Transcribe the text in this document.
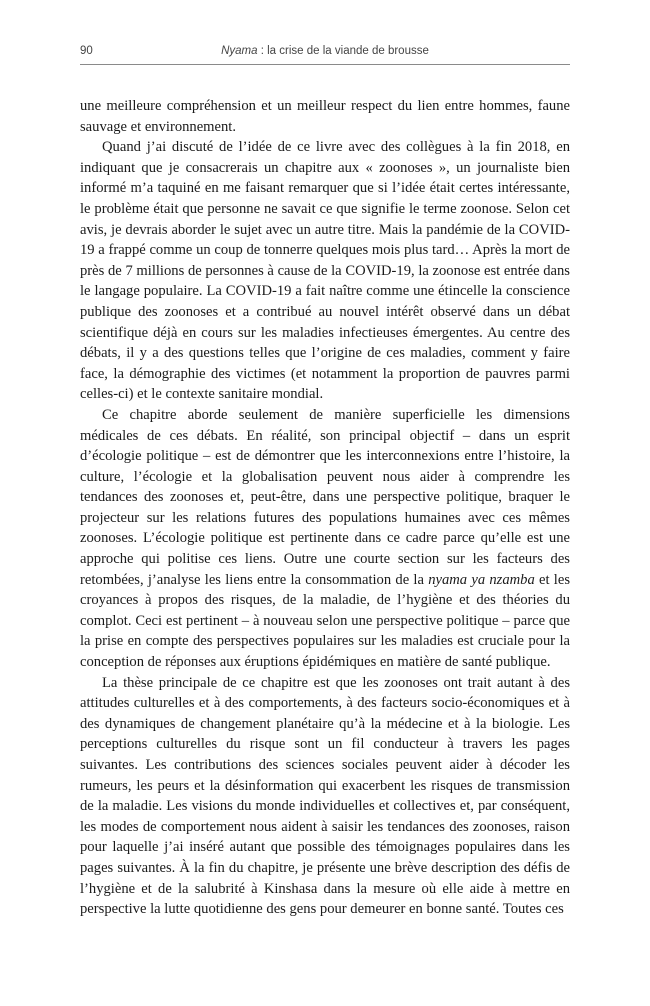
90	Nyama : la crise de la viande de brousse

une meilleure compréhension et un meilleur respect du lien entre hommes, faune sauvage et environnement.

Quand j’ai discuté de l’idée de ce livre avec des collègues à la fin 2018, en indiquant que je consacrerais un chapitre aux « zoonoses », un journaliste bien informé m’a taquiné en me faisant remarquer que si l’idée était certes intéressante, le problème était que personne ne savait ce que signifie le terme zoonose. Selon cet avis, je devrais aborder le sujet avec un autre titre. Mais la pandémie de la COVID-19 a frappé comme un coup de tonnerre quelques mois plus tard… Après la mort de près de 7 millions de personnes à cause de la COVID-19, la zoonose est entrée dans le langage populaire. La COVID-19 a fait naître comme une étincelle la conscience publique des zoonoses et a contribué au nouvel intérêt observé dans un débat scientifique déjà en cours sur les maladies infectieuses émergentes. Au centre des débats, il y a des questions telles que l’origine de ces maladies, comment y faire face, la démographie des victimes (et notamment la proportion de pauvres parmi celles-ci) et le contexte sanitaire mondial.

Ce chapitre aborde seulement de manière superficielle les dimensions médicales de ces débats. En réalité, son principal objectif – dans un esprit d’écologie politique – est de démontrer que les interconnexions entre l’histoire, la culture, l’écologie et la globalisation peuvent nous aider à comprendre les tendances des zoonoses et, peut-être, dans une perspective politique, braquer le projecteur sur les relations futures des populations humaines avec ces mêmes zoonoses. L’écologie politique est pertinente dans ce cadre parce qu’elle est une approche qui politise ces liens. Outre une courte section sur les facteurs des retombées, j’analyse les liens entre la consommation de la nyama ya nzamba et les croyances à propos des risques, de la maladie, de l’hygiène et des théories du complot. Ceci est pertinent – à nouveau selon une perspective politique – parce que la prise en compte des perspectives populaires sur les maladies est cruciale pour la conception de réponses aux éruptions épidémiques en matière de santé publique.

La thèse principale de ce chapitre est que les zoonoses ont trait autant à des attitudes culturelles et à des comportements, à des facteurs socio-économiques et à des dynamiques de changement planétaire qu’à la médecine et à la biologie. Les perceptions culturelles du risque sont un fil conducteur à travers les pages suivantes. Les contributions des sciences sociales peuvent aider à décoder les rumeurs, les peurs et la désinformation qui exacerbent les risques de transmission de la maladie. Les visions du monde individuelles et collectives et, par conséquent, les modes de comportement nous aident à saisir les tendances des zoonoses, raison pour laquelle j’ai inséré autant que possible des témoignages populaires dans les pages suivantes. À la fin du chapitre, je présente une brève description des défis de l’hygiène et de la salubrité à Kinshasa dans la mesure où elle aide à mettre en perspective la lutte quotidienne des gens pour demeurer en bonne santé. Toutes ces
